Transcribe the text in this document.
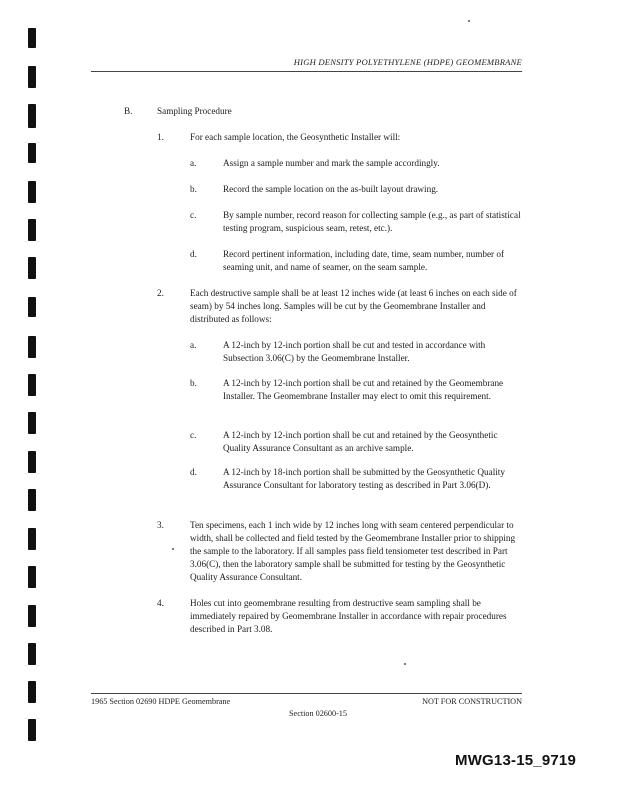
HIGH DENSITY POLYETHYLENE (HDPE) GEOMEMBRANE
B.	Sampling Procedure
1.	For each sample location, the Geosynthetic Installer will:
a.	Assign a sample number and mark the sample accordingly.
b.	Record the sample location on the as-built layout drawing.
c.	By sample number, record reason for collecting sample (e.g., as part of statistical testing program, suspicious seam, retest, etc.).
d.	Record pertinent information, including date, time, seam number, number of seaming unit, and name of seamer, on the seam sample.
2.	Each destructive sample shall be at least 12 inches wide (at least 6 inches on each side of seam) by 54 inches long. Samples will be cut by the Geomembrane Installer and distributed as follows:
a.	A 12-inch by 12-inch portion shall be cut and tested in accordance with Subsection 3.06(C) by the Geomembrane Installer.
b.	A 12-inch by 12-inch portion shall be cut and retained by the Geomembrane Installer. The Geomembrane Installer may elect to omit this requirement.
c.	A 12-inch by 12-inch portion shall be cut and retained by the Geosynthetic Quality Assurance Consultant as an archive sample.
d.	A 12-inch by 18-inch portion shall be submitted by the Geosynthetic Quality Assurance Consultant for laboratory testing as described in Part 3.06(D).
3.	Ten specimens, each 1 inch wide by 12 inches long with seam centered perpendicular to width, shall be collected and field tested by the Geomembrane Installer prior to shipping the sample to the laboratory. If all samples pass field tensiometer test described in Part 3.06(C), then the laboratory sample shall be submitted for testing by the Geosynthetic Quality Assurance Consultant.
4.	Holes cut into geomembrane resulting from destructive seam sampling shall be immediately repaired by Geomembrane Installer in accordance with repair procedures described in Part 3.08.
1965 Section 02690 HDPE Geomembrane	NOT FOR CONSTRUCTION
Section 02600-15
MWG13-15_9719
